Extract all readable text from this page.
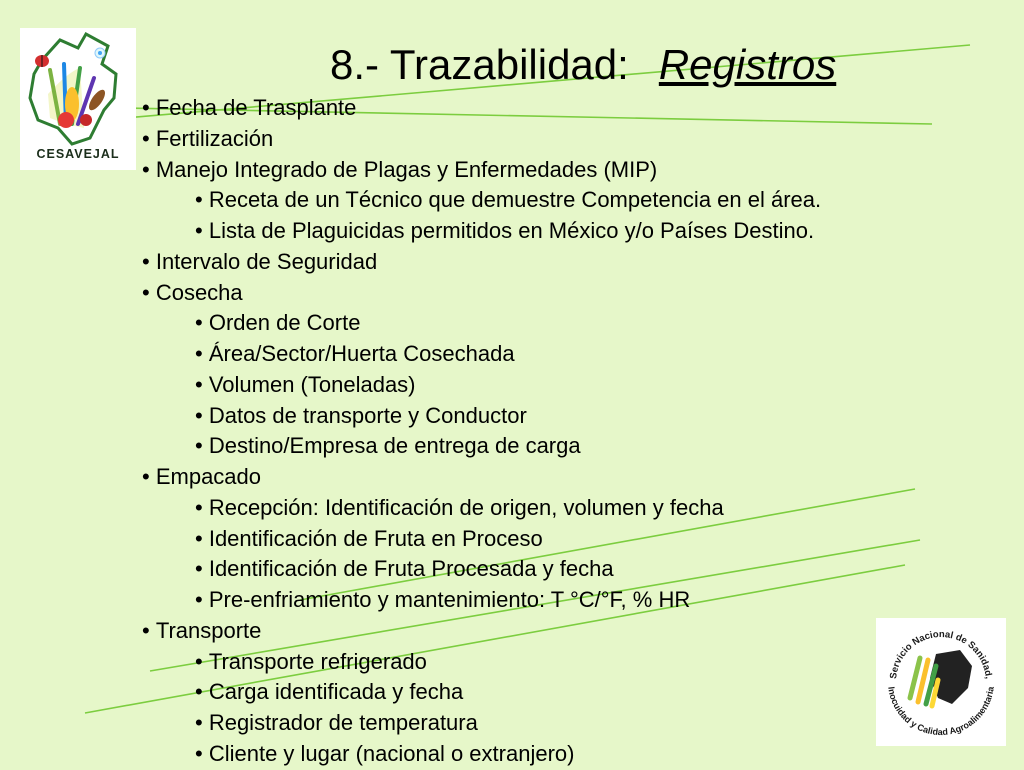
CESAVEJAL
8.- Trazabilidad: Registros
• Fecha de Trasplante
• Fertilización
• Manejo Integrado de Plagas y Enfermedades (MIP)
• Receta de un Técnico que demuestre Competencia en el área.
• Lista de Plaguicidas permitidos en México y/o Países Destino.
• Intervalo de Seguridad
• Cosecha
• Orden de Corte
• Área/Sector/Huerta Cosechada
• Volumen (Toneladas)
• Datos de transporte y Conductor
• Destino/Empresa de entrega de carga
• Empacado
• Recepción: Identificación de origen, volumen y fecha
• Identificación de Fruta en Proceso
• Identificación de Fruta Procesada y fecha
• Pre-enfriamiento y mantenimiento: T °C/°F, % HR
• Transporte
• Transporte refrigerado
• Carga identificada y fecha
• Registrador de temperatura
• Cliente y lugar (nacional o extranjero)
Servicio Nacional de Sanidad,
Inocuidad y Calidad Agroalimentaria
